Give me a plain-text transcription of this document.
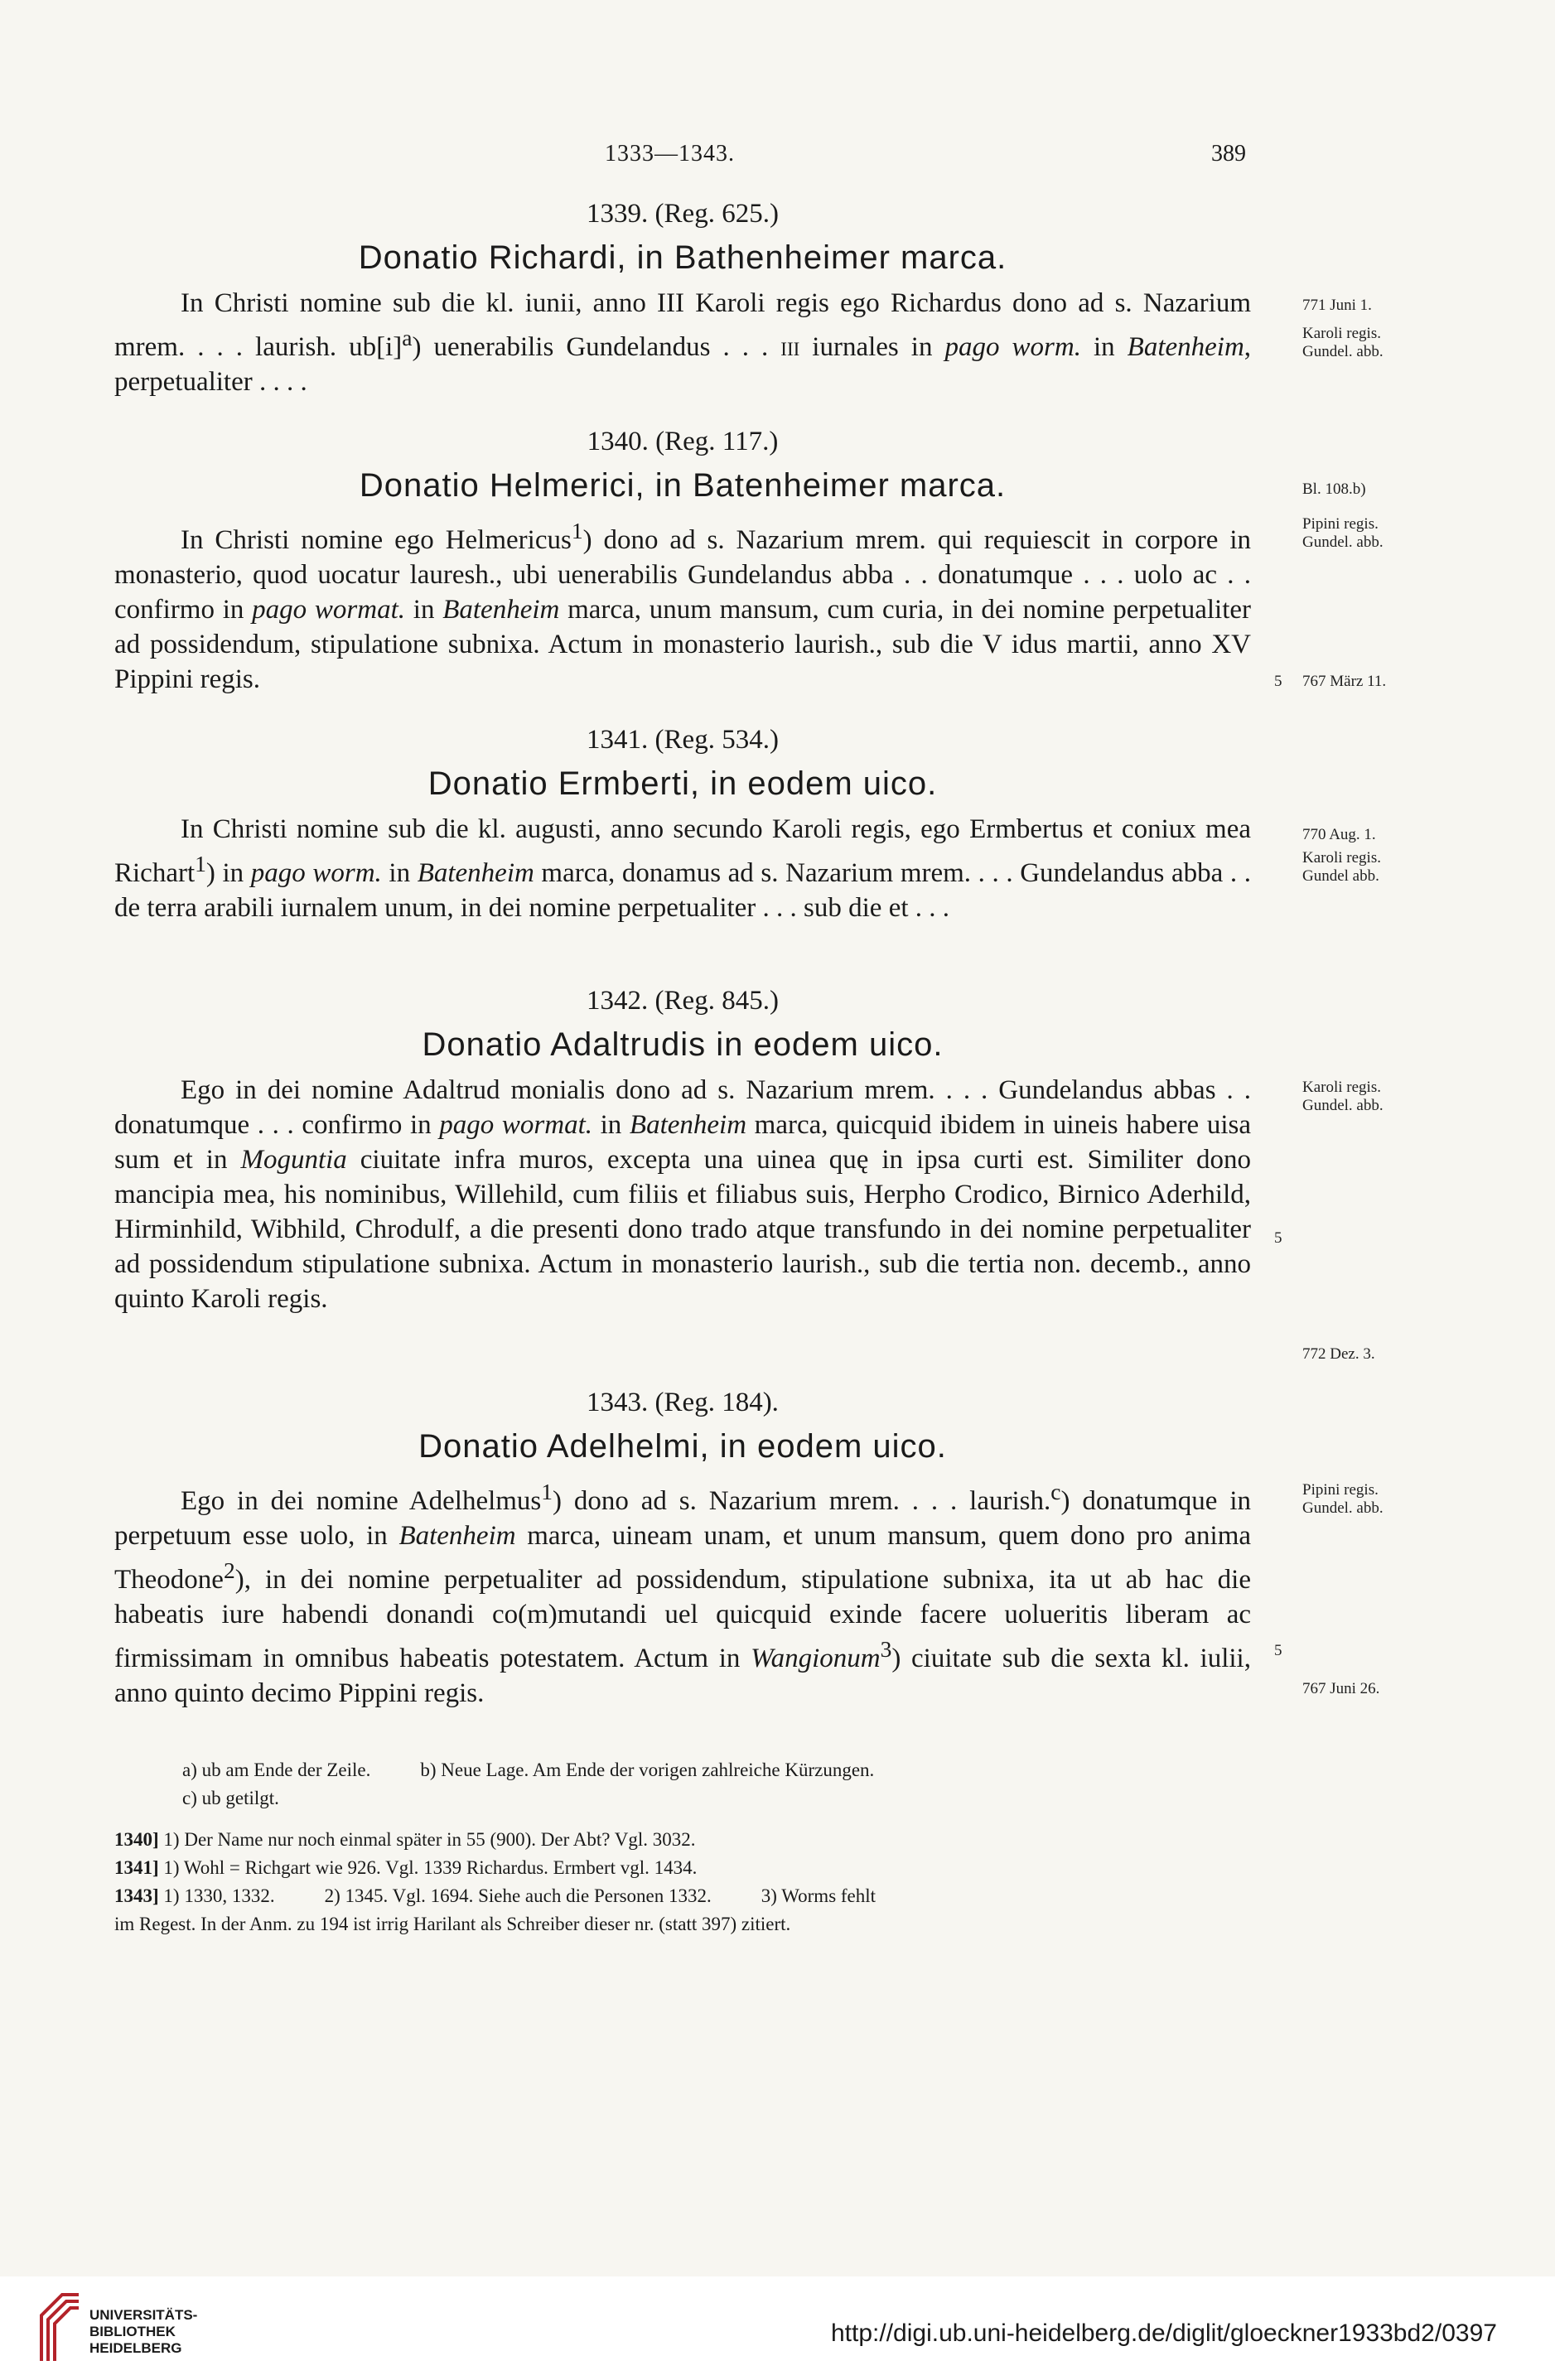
1333—1343.	389

1339. (Reg. 625.)

Donatio Richardi, in Bathenheimer marca.

In Christi nomine sub die kl. iunii, anno III Karoli regis ego Richardus dono ad s. Nazarium mrem. . . . laurish. $ub[i]^a$) uenerabilis Gundelandus . . . iii iurnales in pago worm. in Batenheim, perpetualiter . . . .

1340. (Reg. 117.)

Donatio Helmerici, in Batenheimer marca.

In Christi nomine ego Helmericus$^1$) dono ad s. Nazarium mrem. qui requiescit in corpore in monasterio, quod uocatur lauresh., ubi uenerabilis Gundelandus abba . . donatumque . . . uolo ac . . confirmo in pago wormat. in Batenheim marca, unum mansum, cum curia, in dei nomine perpetualiter ad possidendum, stipulatione subnixa. Actum in monasterio laurish., sub die V idus martii, anno XV Pippini regis.

1341. (Reg. 534.)

Donatio Ermberti, in eodem uico.

In Christi nomine sub die kl. augusti, anno secundo Karoli regis, ego Ermbertus et coniux mea Richart$^1$) in pago worm. in Batenheim marca, donamus ad s. Nazarium mrem. . . . Gundelandus abba . . de terra arabili iurnalem unum, in dei nomine perpetualiter . . . sub die et . . .

1342. (Reg. 845.)

Donatio Adaltrudis in eodem uico.

Ego in dei nomine Adaltrud monialis dono ad s. Nazarium mrem. . . . Gundelandus abbas . . donatumque . . . confirmo in pago wormat. in Batenheim marca, quicquid ibidem in uineis habere uisa sum et in Moguntia ciuitate infra muros, excepta una uinea quę in ipsa curti est. Similiter dono mancipia mea, his nominibus, Willehild, cum filiis et filiabus suis, Herpho Crodico, Birnico Aderhild, Hirminhild, Wibhild, Chrodulf, a die presenti dono trado atque transfundo in dei nomine perpetualiter ad possidendum stipulatione subnixa. Actum in monasterio laurish., sub die tertia non. decemb., anno quinto Karoli regis.

1343. (Reg. 184).

Donatio Adelhelmi, in eodem uico.

Ego in dei nomine Adelhelmus$^1$) dono ad s. Nazarium mrem. . . . laurish.$^c$) donatumque in perpetuum esse uolo, in Batenheim marca, uineam unam, et unum mansum, quem dono pro anima Theodone$^2$), in dei nomine perpetualiter ad possidendum, stipulatione subnixa, ita ut ab hac die habeatis iure habendi donandi co(m)mutandi uel quicquid exinde facere uolueritis liberam ac firmissimam in omnibus habeatis potestatem. Actum in Wangionum$^3$) ciuitate sub die sexta kl. iulii, anno quinto decimo Pippini regis.

771 Juni 1.
Karoli regis. Gundel. abb.
Bl. 108.b)
Pipini regis. Gundel. abb.
767 März 11.
770 Aug. 1.
Karoli regis. Gundel abb.
Karoli regis. Gundel. abb.
772 Dez. 3.
Pipini regis. Gundel. abb.
767 Juni 26.
5
5
5

a) ub am Ende der Zeile.	b) Neue Lage. Am Ende der vorigen zahlreiche Kürzungen.

c) ub getilgt.

1340] 1) Der Name nur noch einmal später in 55 (900). Der Abt? Vgl. 3032.

1341] 1) Wohl = Richgart wie 926. Vgl. 1339 Richardus. Ermbert vgl. 1434.

1343] 1) 1330, 1332.	2) 1345. Vgl. 1694. Siehe auch die Personen 1332.	3) Worms fehlt

im Regest. In der Anm. zu 194 ist irrig Harilant als Schreiber dieser nr. (statt 397) zitiert.

UNIVERSITÄTS-
BIBLIOTHEK
HEIDELBERG
http://digi.ub.uni-heidelberg.de/diglit/gloeckner1933bd2/0397
